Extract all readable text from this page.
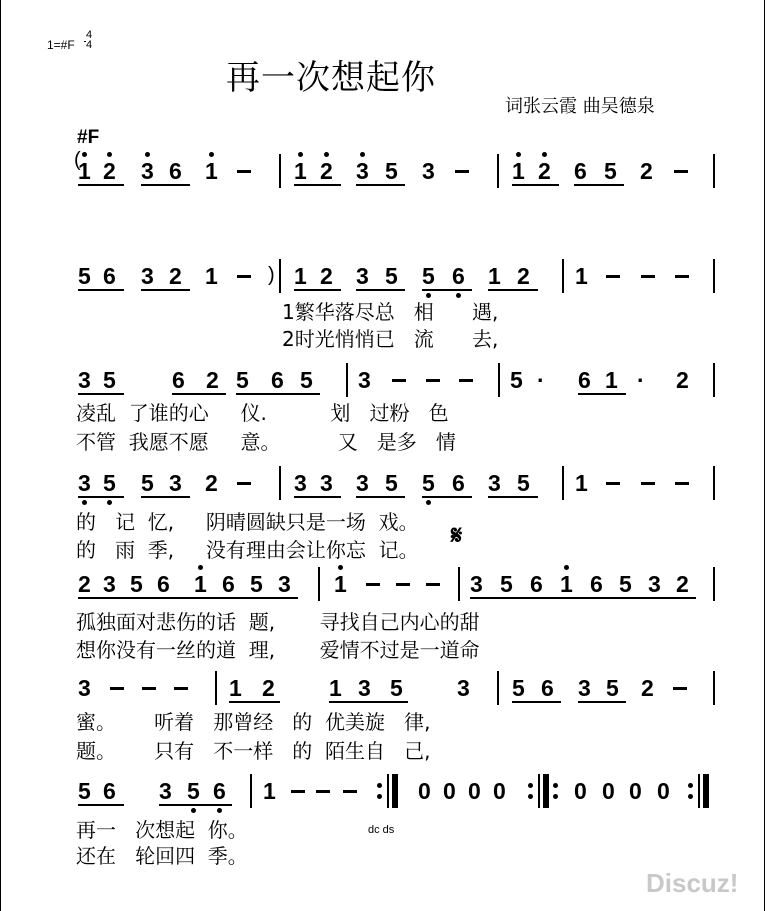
1=#F
4
4
再一次想起你
词张云霞 曲吴德泉
#F
1 2 3 6 1	1 2 3 5 3	1 2 6 5 2
5 6 3 2 1	1 2 3 5 5 6 1 2 1
3 5 6 2 5 6 5 3	5 · 6 1 · 2
3 5 5 3 2	3 3 3 5 5 6 3 5 1
2 3 5 6 1 6 5 3 1	3 5 6 1 6 5 3 2
3	1 2 1 3 5 3 5 6 3 5 2
5 6 3 5 6 1	0 0 0 0	0 0 0 0
1繁华落尽总   相      遇,
2时光悄悄已   流      去,
凌乱  了谁的心     仪.          划   过粉   色
不管  我愿不愿     意。         又   是多   情
的   记  忆,     阴晴圆缺只是一场  戏。
的   雨  季,     没有理由会让你忘  记。
孤独面对悲伤的话  题,       寻找自己内心的甜
想你没有一丝的道  理,       爱情不过是一道命
蜜。      听着   那曾经   的  优美旋   律,
题。      只有   不一样   的  陌生自   己,
再一   次想起  你。
还在   轮回四  季。
(
)
𝄋
dc ds
Discuz!
